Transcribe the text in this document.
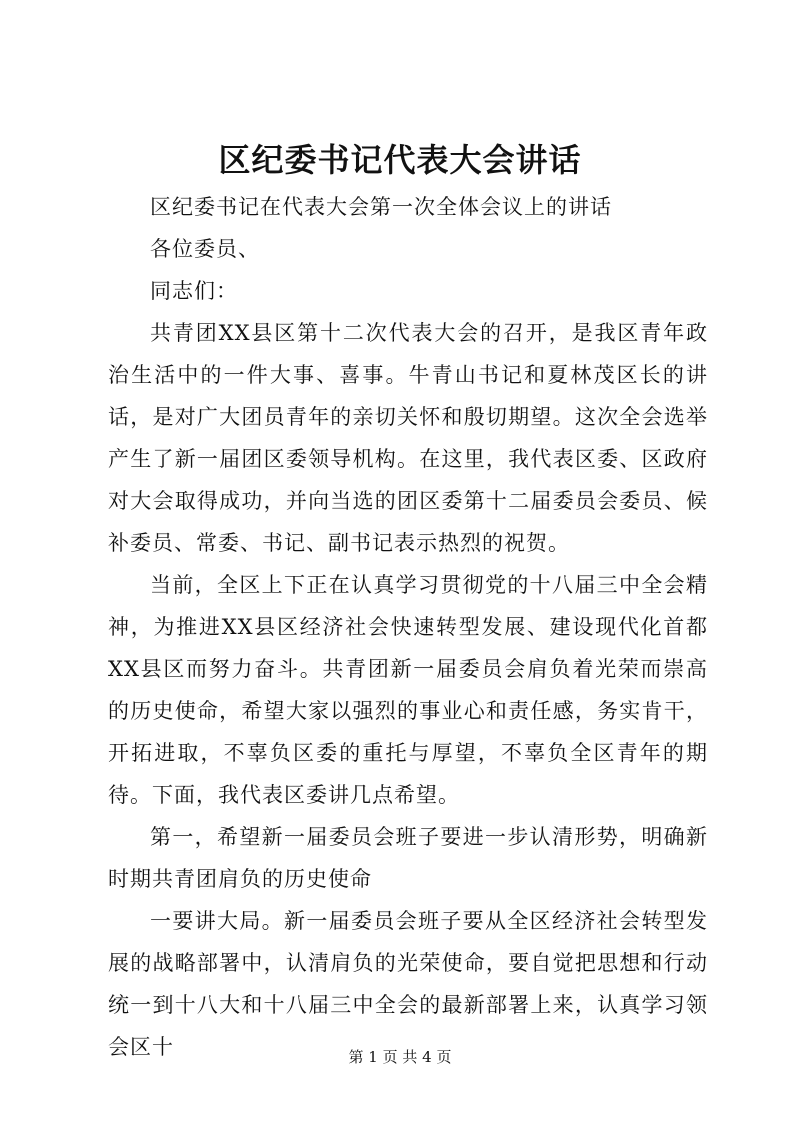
区纪委书记代表大会讲话

区纪委书记在代表大会第一次全体会议上的讲话

各位委员、

同志们：

共青团XX县区第十二次代表大会的召开，是我区青年政治生活中的一件大事、喜事。牛青山书记和夏林茂区长的讲话，是对广大团员青年的亲切关怀和殷切期望。这次全会选举产生了新一届团区委领导机构。在这里，我代表区委、区政府对大会取得成功，并向当选的团区委第十二届委员会委员、候补委员、常委、书记、副书记表示热烈的祝贺。

当前，全区上下正在认真学习贯彻党的十八届三中全会精神，为推进XX县区经济社会快速转型发展、建设现代化首都XX县区而努力奋斗。共青团新一届委员会肩负着光荣而崇高的历史使命，希望大家以强烈的事业心和责任感，务实肯干，开拓进取，不辜负区委的重托与厚望，不辜负全区青年的期待。下面，我代表区委讲几点希望。

第一，希望新一届委员会班子要进一步认清形势，明确新时期共青团肩负的历史使命

一要讲大局。新一届委员会班子要从全区经济社会转型发展的战略部署中，认清肩负的光荣使命，要自觉把思想和行动统一到十八大和十八届三中全会的最新部署上来，认真学习领会区十	第 1 页 共 4 页
